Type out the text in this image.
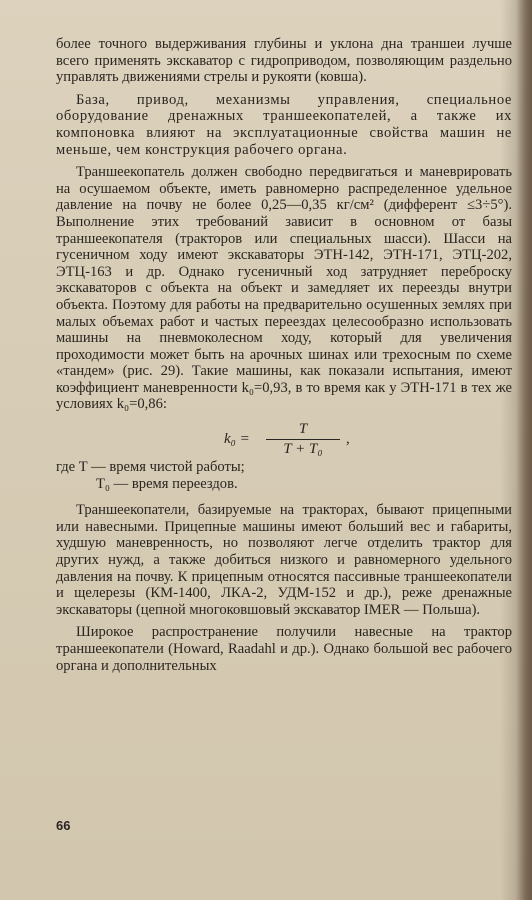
более точного выдерживания глубины и уклона дна траншеи лучше всего применять экскаватор с гидроприводом, позволяющим раздельно управлять движениями стрелы и рукояти (ковша).

База, привод, механизмы управления, специальное оборудование дренажных траншеекопателей, а также их компоновка влияют на эксплуатационные свойства машин не меньше, чем конструкция рабочего органа.

Траншеекопатель должен свободно передвигаться и маневрировать на осушаемом объекте, иметь равномерно распределенное удельное давление на почву не более 0,25—0,35 кг/см² (дифферент ≤3÷5°). Выполнение этих требований зависит в основном от базы траншеекопателя (тракторов или специальных шасси). Шасси на гусеничном ходу имеют экскаваторы ЭТН-142, ЭТН-171, ЭТЦ-202, ЭТЦ-163 и др. Однако гусеничный ход затрудняет переброску экскаваторов с объекта на объект и замедляет их переезды внутри объекта. Поэтому для работы на предварительно осушенных землях при малых объемах работ и частых переездах целесообразно использовать машины на пневмоколесном ходу, который для увеличения проходимости может быть на арочных шинах или трехосным по схеме «тандем» (рис. 29). Такие машины, как показали испытания, имеют коэффициент маневренности k₀=0,93, в то время как у ЭТН-171 в тех же условиях k₀=0,86:

$k_0 = \frac{T}{\text{T + T₀}}$ ,
где T — время чистой работы;
T₀ — время переездов.

Траншеекопатели, базируемые на тракторах, бывают прицепными или навесными. Прицепные машины имеют больший вес и габариты, худшую маневренность, но позволяют легче отделить трактор для других нужд, а также добиться низкого и равномерного удельного давления на почву. К прицепным относятся пассивные траншеекопатели и щелерезы (КМ-1400, ЛКА-2, УДМ-152 и др.), реже дренажные экскаваторы (цепной многоковшовый экскаватор IMER — Польша).

Широкое распространение получили навесные на трактор траншеекопатели (Howard, Raadahl и др.). Однако большой вес рабочего органа и дополнительных

66
